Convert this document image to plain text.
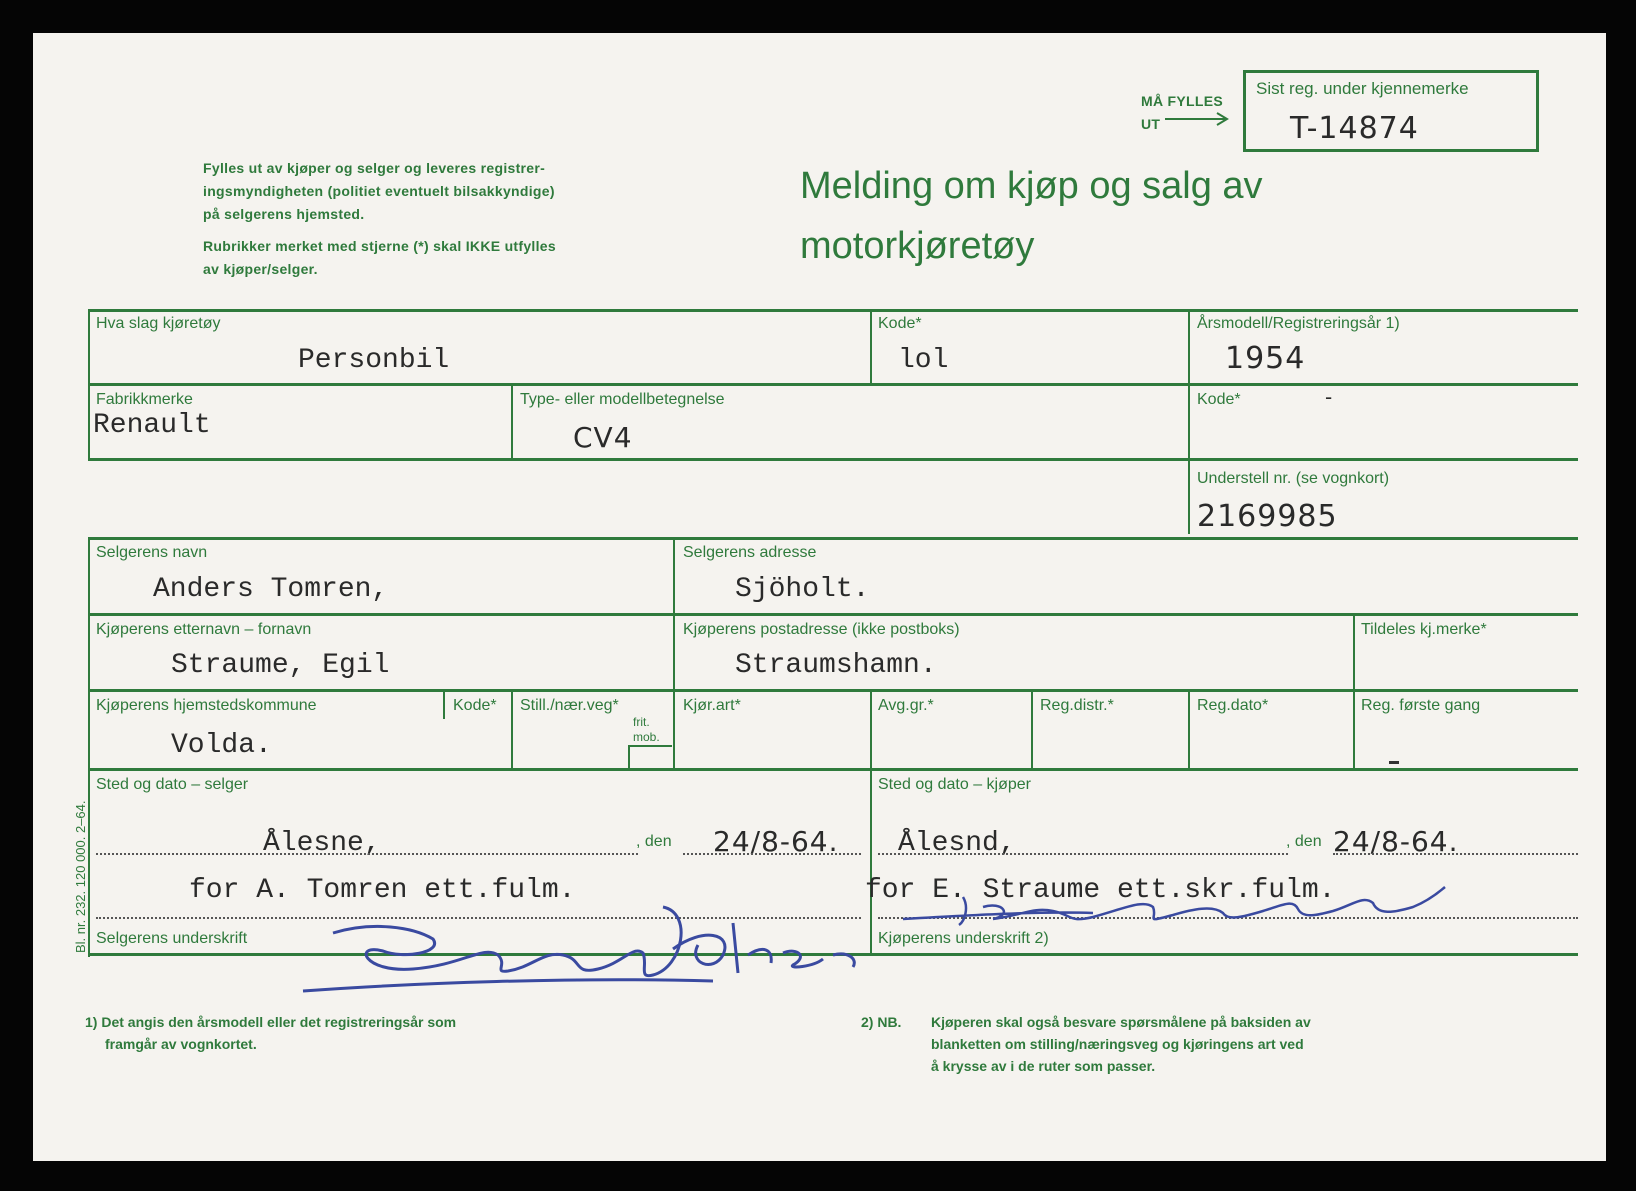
MÅ FYLLES
UT
Sist reg. under kjennemerke
T-14874
Fylles ut av kjøper og selger og leveres registrer-
ingsmyndigheten (politiet eventuelt bilsakkyndige)
på selgerens hjemsted.
Rubrikker merket med stjerne (*) skal IKKE utfylles
av kjøper/selger.
Melding om kjøp og salg av
motorkjøretøy
Hva slag kjøretøy
Personbil
Kode*
lol
Årsmodell/Registreringsår 1)
1954
Fabrikkmerke
Renault
Type- eller modellbetegnelse
CV4
Kode*	-
Understell nr. (se vognkort)
2169985
Selgerens navn
Anders Tomren,
Selgerens adresse
Sjöholt.
Kjøperens etternavn – fornavn
Straume, Egil
Kjøperens postadresse (ikke postboks)
Straumshamn.
Tildeles kj.merke*
Kjøperens hjemstedskommune
Volda.
Kode* Still./nær.veg*
frit.
mob.
Kjør.art*	Avg.gr.*	Reg.distr.*	Reg.dato*	Reg. første gang
Sted og dato – selger
Ålesne,	, den 24/8-64.
for A. Tomren ett.fulm.
Selgerens underskrift
Sted og dato – kjøper
Ålesnd,	, den 24/8-64.
for E. Straume ett.skr.fulm.
Kjøperens underskrift 2)
Bl. nr. 232. 120 000. 2–64.
1) Det angis den årsmodell eller det registreringsår som
framgår av vognkortet.
2) NB. Kjøperen skal også besvare spørsmålene på baksiden av
blanketten om stilling/næringsveg og kjøringens art ved
å krysse av i de ruter som passer.
